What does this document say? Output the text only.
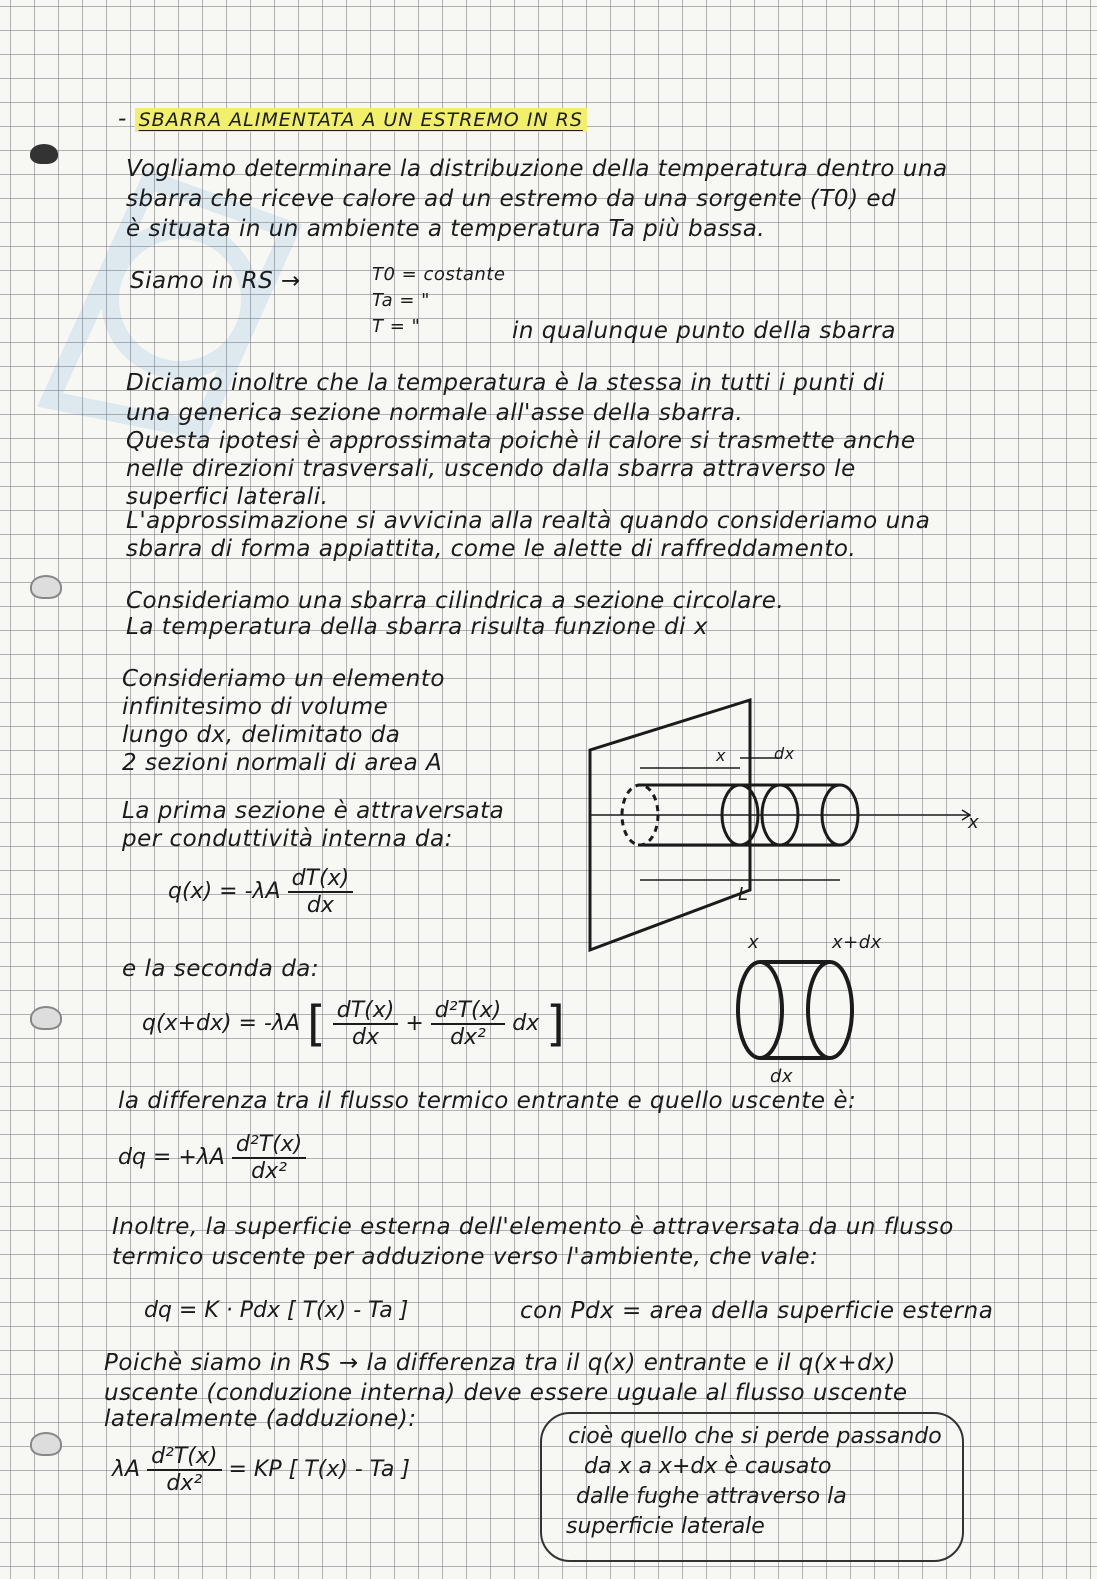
- SBARRA ALIMENTATA A UN ESTREMO IN RS
Vogliamo determinare la distribuzione della temperatura dentro una
sbarra che riceve calore ad un estremo da una sorgente (T0) ed
è situata in un ambiente a temperatura Ta più bassa.
Siamo in RS →	T0 = costante
Ta = "
T = "	in qualunque punto della sbarra
Diciamo inoltre che la temperatura è la stessa in tutti i punti di
una generica sezione normale all'asse della sbarra.
Questa ipotesi è approssimata poichè il calore si trasmette anche
nelle direzioni trasversali, uscendo dalla sbarra attraverso le
superfici laterali.
L'approssimazione si avvicina alla realtà quando consideriamo una
sbarra di forma appiattita, come le alette di raffreddamento.
Consideriamo una sbarra cilindrica a sezione circolare.
La temperatura della sbarra risulta funzione di x
Consideriamo un elemento
infinitesimo di volume
lungo dx, delimitato da
2 sezioni normali di area A
La prima sezione è attraversata
per conduttività interna da:
$q(x) = -\lambda A \frac{dT(x)}{dx}$
e la seconda da:
q(x+dx) = -λA [ $\frac{dT(x)}{dx} + \frac{\text{d²T(x)}}{\text{dx²}}$ dx ]
la differenza tra il flusso termico entrante e quello uscente è:
dq = $+\lambda A \frac{\text{d²T(x)}}{\text{dx²}}$
Inoltre, la superficie esterna dell'elemento è attraversata da un flusso
termico uscente per adduzione verso l'ambiente, che vale:
dq = K · Pdx [ T(x) - Ta ]	con Pdx = area della superficie esterna
Poichè siamo in RS → la differenza tra il q(x) entrante e il q(x+dx)
uscente (conduzione interna) deve essere uguale al flusso uscente
lateralmente (adduzione):
λA $\frac{\text{d²T(x)}}{\text{dx²}}$ = KP [ T(x) - Ta ]
cioè quello che si perde passando
da x a x+dx è causato
dalle fughe attraverso la
superficie laterale
x	dx
x
L
x	x+dx
dx
